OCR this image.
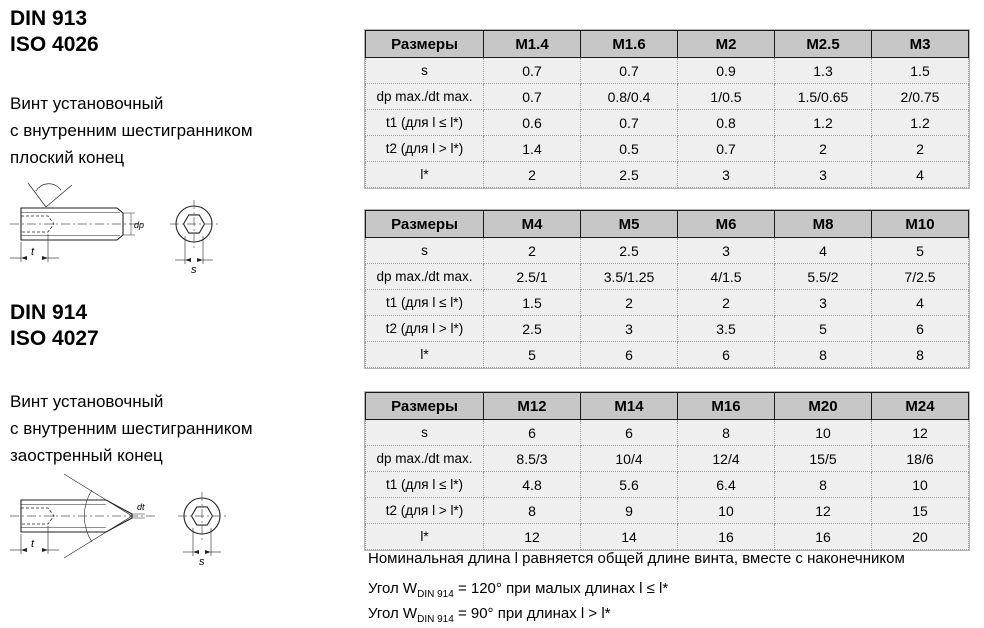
DIN 913
ISO 4026
Винт установочный
с внутренним шестигранником
плоский конец
t
dp
s
DIN 914
ISO 4027
Винт установочный
с внутренним шестигранником
заостренный конец
t
dt
s
Размеры	M1.4	M1.6	M2	M2.5	M3
s	0.7	0.7	0.9	1.3	1.5
dp max./dt max.	0.7	0.8/0.4	1/0.5	1.5/0.65	2/0.75
t1 (для l ≤ l*)	0.6	0.7	0.8	1.2	1.2
t2 (для l > l*)	1.4	0.5	0.7	2	2
l*	2	2.5	3	3	4
Размеры	M4	M5	M6	M8	M10
s	2	2.5	3	4	5
dp max./dt max.	2.5/1	3.5/1.25	4/1.5	5.5/2	7/2.5
t1 (для l ≤ l*)	1.5	2	2	3	4
t2 (для l > l*)	2.5	3	3.5	5	6
l*	5	6	6	8	8
Размеры	M12	M14	M16	M20	M24
s	6	6	8	10	12
dp max./dt max.	8.5/3	10/4	12/4	15/5	18/6
t1 (для l ≤ l*)	4.8	5.6	6.4	8	10
t2 (для l > l*)	8	9	10	12	15
l*	12	14	16	16	20
Номинальная длина l равняется общей длине винта, вместе с наконечником
Угол $W_{DIN 914} = 120^\circ$ при малых длинах l ≤ l*
Угол $W_{DIN 914} = 90^\circ$ при длинах l > l*
